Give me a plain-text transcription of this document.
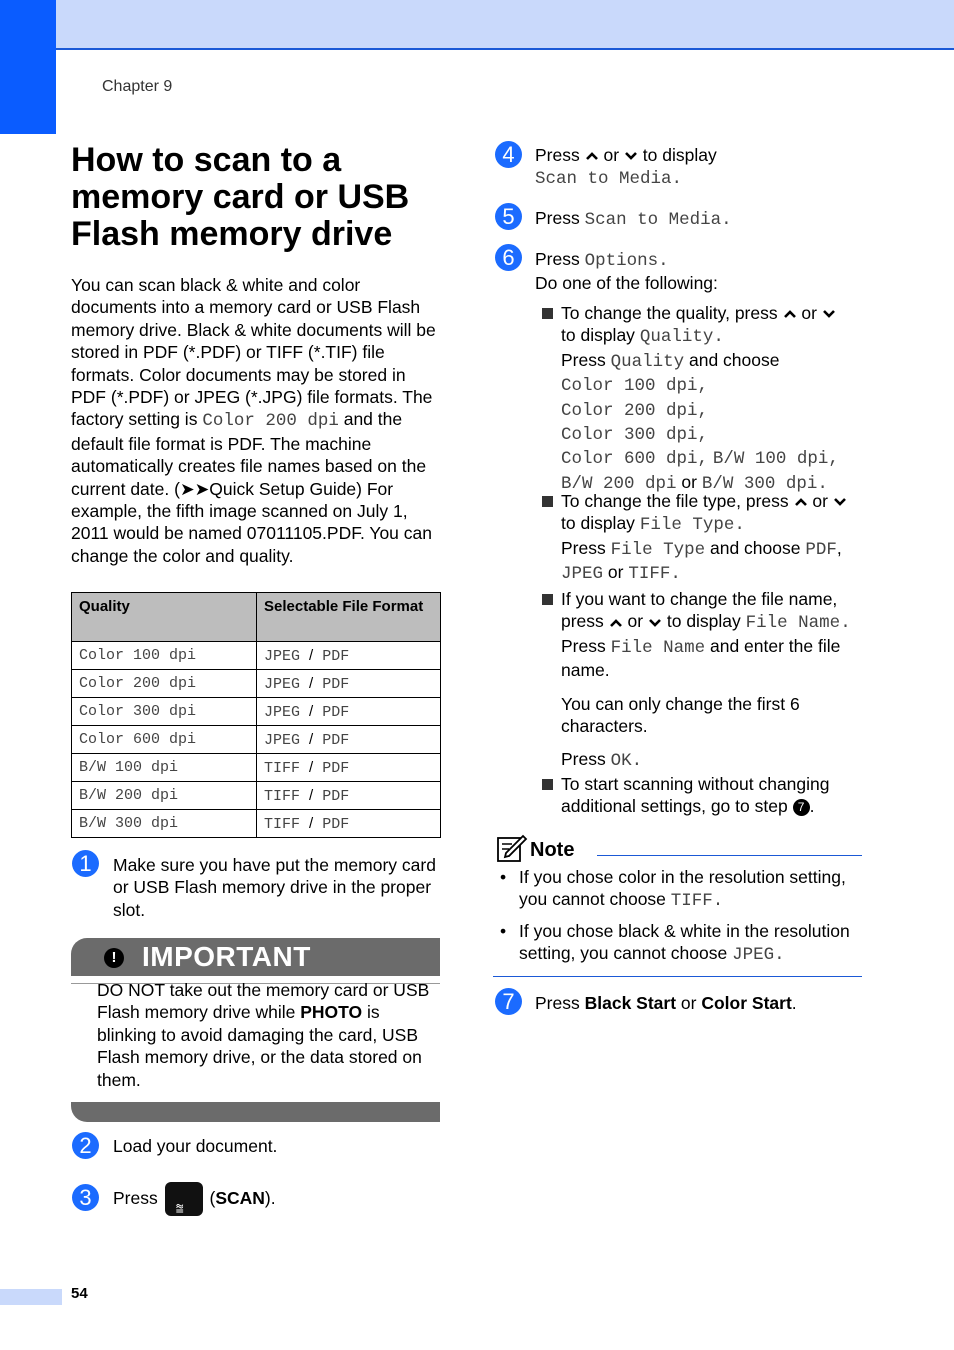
Chapter 9
How to scan to a memory card or USB Flash memory drive

You can scan black & white and color documents into a memory card or USB Flash memory drive. Black & white documents will be stored in PDF (*.PDF) or TIFF (*.TIF) file formats. Color documents may be stored in PDF (*.PDF) or JPEG (*.JPG) file formats. The factory setting is Color 200 dpi and the default file format is PDF. The machine automatically creates file names based on the current date. (➤➤Quick Setup Guide) For example, the fifth image scanned on July 1, 2011 would be named 07011105.PDF. You can change the color and quality.

Quality	Selectable File Format
Color 100 dpi	JPEG / PDF
Color 200 dpi	JPEG / PDF
Color 300 dpi	JPEG / PDF
Color 600 dpi	JPEG / PDF
B/W 100 dpi	TIFF / PDF
B/W 200 dpi	TIFF / PDF
B/W 300 dpi	TIFF / PDF
1	Make sure you have put the memory card or USB Flash memory drive in the proper slot.
! IMPORTANT
DO NOT take out the memory card or USB Flash memory drive while PHOTO is blinking to avoid damaging the card, USB Flash memory drive, or the data stored on them.
2	Load your document.
3	Press
⩰
(SCAN).
4	Press or to display
Scan to Media.
5	Press Scan to Media.
6	Press Options.
Do one of the following:
To change the quality, press or
to display Quality.
Press Quality and choose
Color 100 dpi,
Color 200 dpi,
Color 300 dpi,
Color 600 dpi, B/W 100 dpi,
B/W 200 dpi or B/W 300 dpi.
To change the file type, press or
to display File Type.
Press File Type and choose PDF,
JPEG or TIFF.
If you want to change the file name,
press or to display File Name.
Press File Name and enter the file name.
You can only change the first 6 characters.
Press OK.
To start scanning without changing additional settings, go to step 7 .
Note
• If you chose color in the resolution setting, you cannot choose TIFF.
• If you chose black & white in the resolution setting, you cannot choose JPEG.
7	Press Black Start or Color Start.
54
